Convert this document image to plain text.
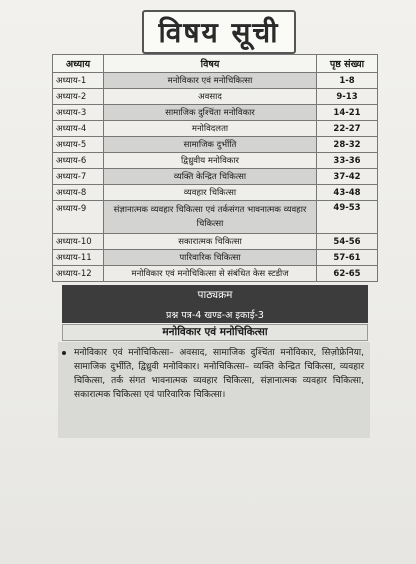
विषय सूची
अध्याय	विषय	पृष्ठ संख्या
अध्याय-1	मनोविकार एवं मनोचिकित्सा	1-8
अध्याय-2	अवसाद	9-13
अध्याय-3	सामाजिक दुश्चिंता मनोविकार	14-21
अध्याय-4	मनोविदलता	22-27
अध्याय-5	सामाजिक दुर्भीति	28-32
अध्याय-6	द्विध्रुवीय मनोविकार	33-36
अध्याय-7	व्यक्ति केन्द्रित चिकित्सा	37-42
अध्याय-8	व्यवहार चिकित्सा	43-48
अध्याय-9	संज्ञानात्मक व्यवहार चिकित्सा एवं तर्कसंगत भावनात्मक व्यवहार चिकित्सा	49-53
अध्याय-10	सकारात्मक चिकित्सा	54-56
अध्याय-11	पारिवारिक चिकित्सा	57-61
अध्याय-12	मनोविकार एवं मनोचिकित्सा से संबंधित केस स्टडीज	62-65
पाठ्यक्रम
प्रश्न पत्र-4 खण्ड-अ इकाई-3
मनोविकार एवं मनोचिकित्सा

मनोविकार एवं मनोचिकित्सा– अवसाद, सामाजिक दुश्चिंता मनोविकार, सिज़ोफ्रेनिया, सामाजिक दुर्भीति, द्विध्रुवी मनोविकार। मनोचिकित्सा– व्यक्ति केन्द्रित चिकित्सा, व्यवहार चिकित्सा, तर्क संगत भावनात्मक व्यवहार चिकित्सा, संज्ञानात्मक व्यवहार चिकित्सा, सकारात्मक चिकित्सा एवं पारिवारिक चिकित्सा।
